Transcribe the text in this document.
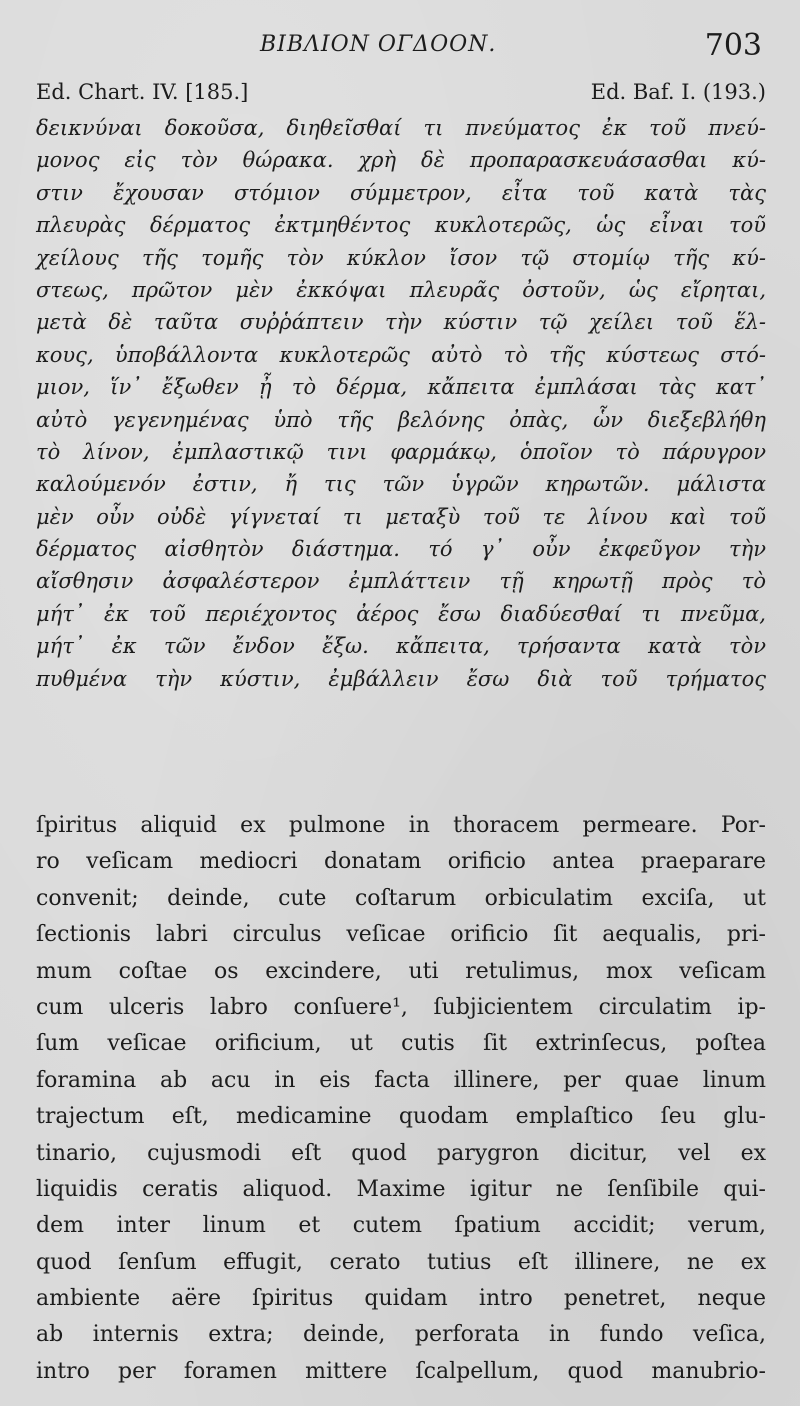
BIBΛΙΟΝ ΟΓΔΟΟΝ.	703
Ed. Chart. IV. [185.]	Ed. Baf. I. (193.)
δεικνύναι δοκοῦσα, διηθεῖσθαί τι πνεύματος ἐκ τοῦ πνεύ-
μονος εἰς τὸν θώρακα. χρὴ δὲ προπαρασκευάσασθαι κύ-
στιν ἔχουσαν στόμιον σύμμετρον, εἶτα τοῦ κατὰ τὰς
πλευρὰς δέρματος ἐκτμηθέντος κυκλοτερῶς, ὡς εἶναι τοῦ
χείλους τῆς τομῆς τὸν κύκλον ἴσον τῷ στομίῳ τῆς κύ-
στεως, πρῶτον μὲν ἐκκόψαι πλευρᾶς ὀστοῦν, ὡς εἴρηται,
μετὰ δὲ ταῦτα συῤῥάπτειν τὴν κύστιν τῷ χείλει τοῦ ἕλ-
κους, ὑποβάλλοντα κυκλοτερῶς αὐτὸ τὸ τῆς κύστεως στό-
μιον, ἵν᾽ ἔξωθεν ᾖ τὸ δέρμα, κἄπειτα ἐμπλάσαι τὰς κατ᾽
αὐτὸ γεγενημένας ὑπὸ τῆς βελόνης ὀπὰς, ὧν διεξεβλήθη
τὸ λίνον, ἐμπλαστικῷ τινι φαρμάκῳ, ὁποῖον τὸ πάρυγρον
καλούμενόν ἐστιν, ἤ τις τῶν ὑγρῶν κηρωτῶν. μάλιστα
μὲν οὖν οὐδὲ γίγνεταί τι μεταξὺ τοῦ τε λίνου καὶ τοῦ
δέρματος αἰσθητὸν διάστημα. τό γ᾽ οὖν ἐκφεῦγον τὴν
αἴσθησιν ἀσφαλέστερον ἐμπλάττειν τῇ κηρωτῇ πρὸς τὸ
μήτ᾽ ἐκ τοῦ περιέχοντος ἀέρος ἔσω διαδύεσθαί τι πνεῦμα,
μήτ᾽ ἐκ τῶν ἔνδον ἔξω. κἄπειτα, τρήσαντα κατὰ τὸν
πυθμένα τὴν κύστιν, ἐμβάλλειν ἔσω διὰ τοῦ τρήματος
ſpiritus aliquid ex pulmone in thoracem permeare. Por-
ro veſicam mediocri donatam orificio antea praeparare
convenit; deinde, cute coſtarum orbiculatim exciſa, ut
ſectionis labri circulus veſicae orificio ſit aequalis, pri-
mum coſtae os excindere, uti retulimus, mox veſicam
cum ulceris labro conſuere¹, ſubjicientem circulatim ip-
ſum veſicae orificium, ut cutis ſit extrinſecus, poſtea
foramina ab acu in eis facta illinere, per quae linum
trajectum eſt, medicamine quodam emplaſtico ſeu glu-
tinario, cujusmodi eſt quod parygron dicitur, vel ex
liquidis ceratis aliquod. Maxime igitur ne ſenſibile qui-
dem inter linum et cutem ſpatium accidit; verum,
quod ſenſum effugit, cerato tutius eſt illinere, ne ex
ambiente aëre ſpiritus quidam intro penetret, neque
ab internis extra; deinde, perforata in fundo veſica,
intro per foramen mittere ſcalpellum, quod manubrio-
